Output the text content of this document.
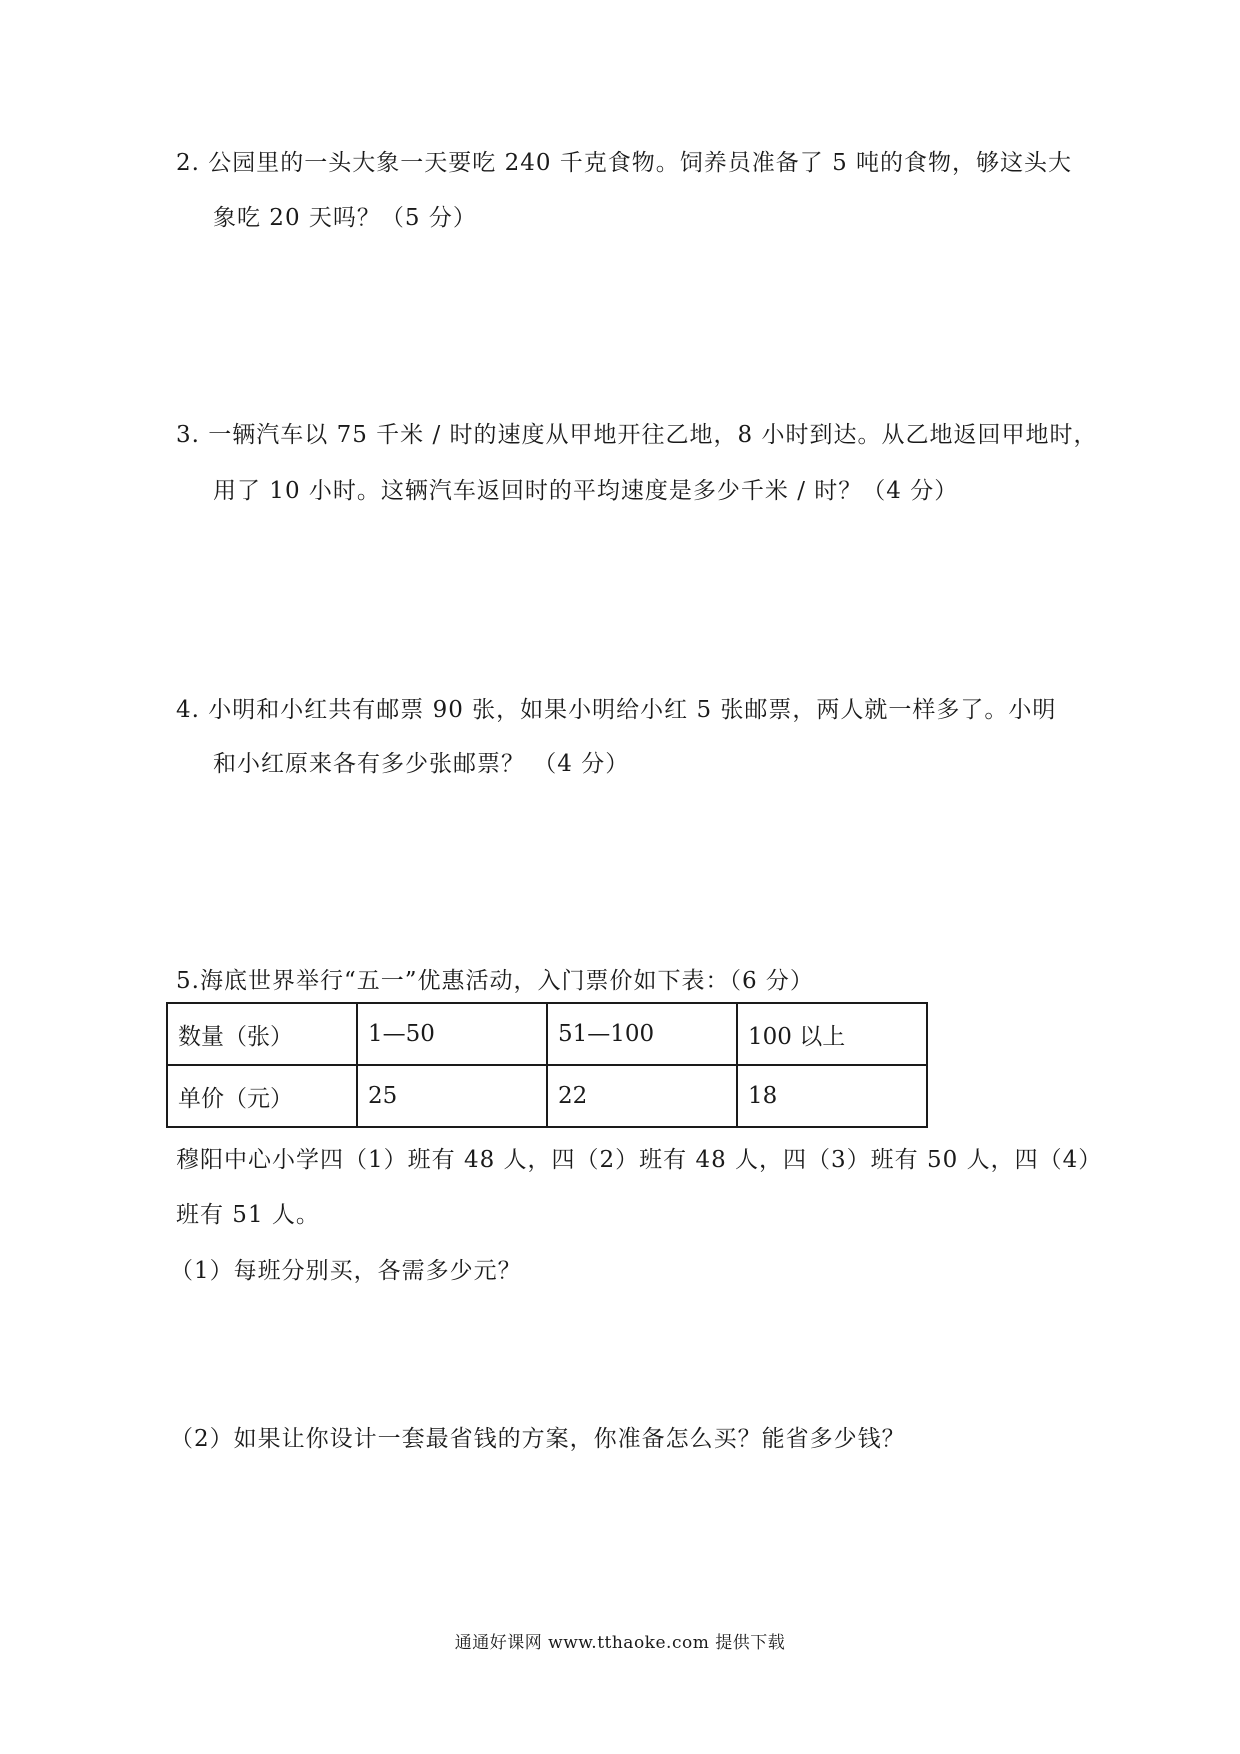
2. 公园里的一头大象一天要吃 240 千克食物。饲养员准备了 5 吨的食物，够这头大
象吃 20 天吗？（5 分）
3. 一辆汽车以 75 千米 / 时的速度从甲地开往乙地，8 小时到达。从乙地返回甲地时，
用了 10 小时。这辆汽车返回时的平均速度是多少千米 / 时？（4 分）
4. 小明和小红共有邮票 90 张，如果小明给小红 5 张邮票，两人就一样多了。小明
和小红原来各有多少张邮票？ （4 分）
5.海底世界举行“五一”优惠活动，入门票价如下表：（6 分）
数量（张）	1—50	51—100	100 以上
单价（元）	25	22	18
穆阳中心小学四（1）班有 48 人，四（2）班有 48 人，四（3）班有 50 人，四（4）
班有 51 人。
（1）每班分别买，各需多少元？
（2）如果让你设计一套最省钱的方案，你准备怎么买？能省多少钱？
通通好课网 www.tthaoke.com 提供下载
